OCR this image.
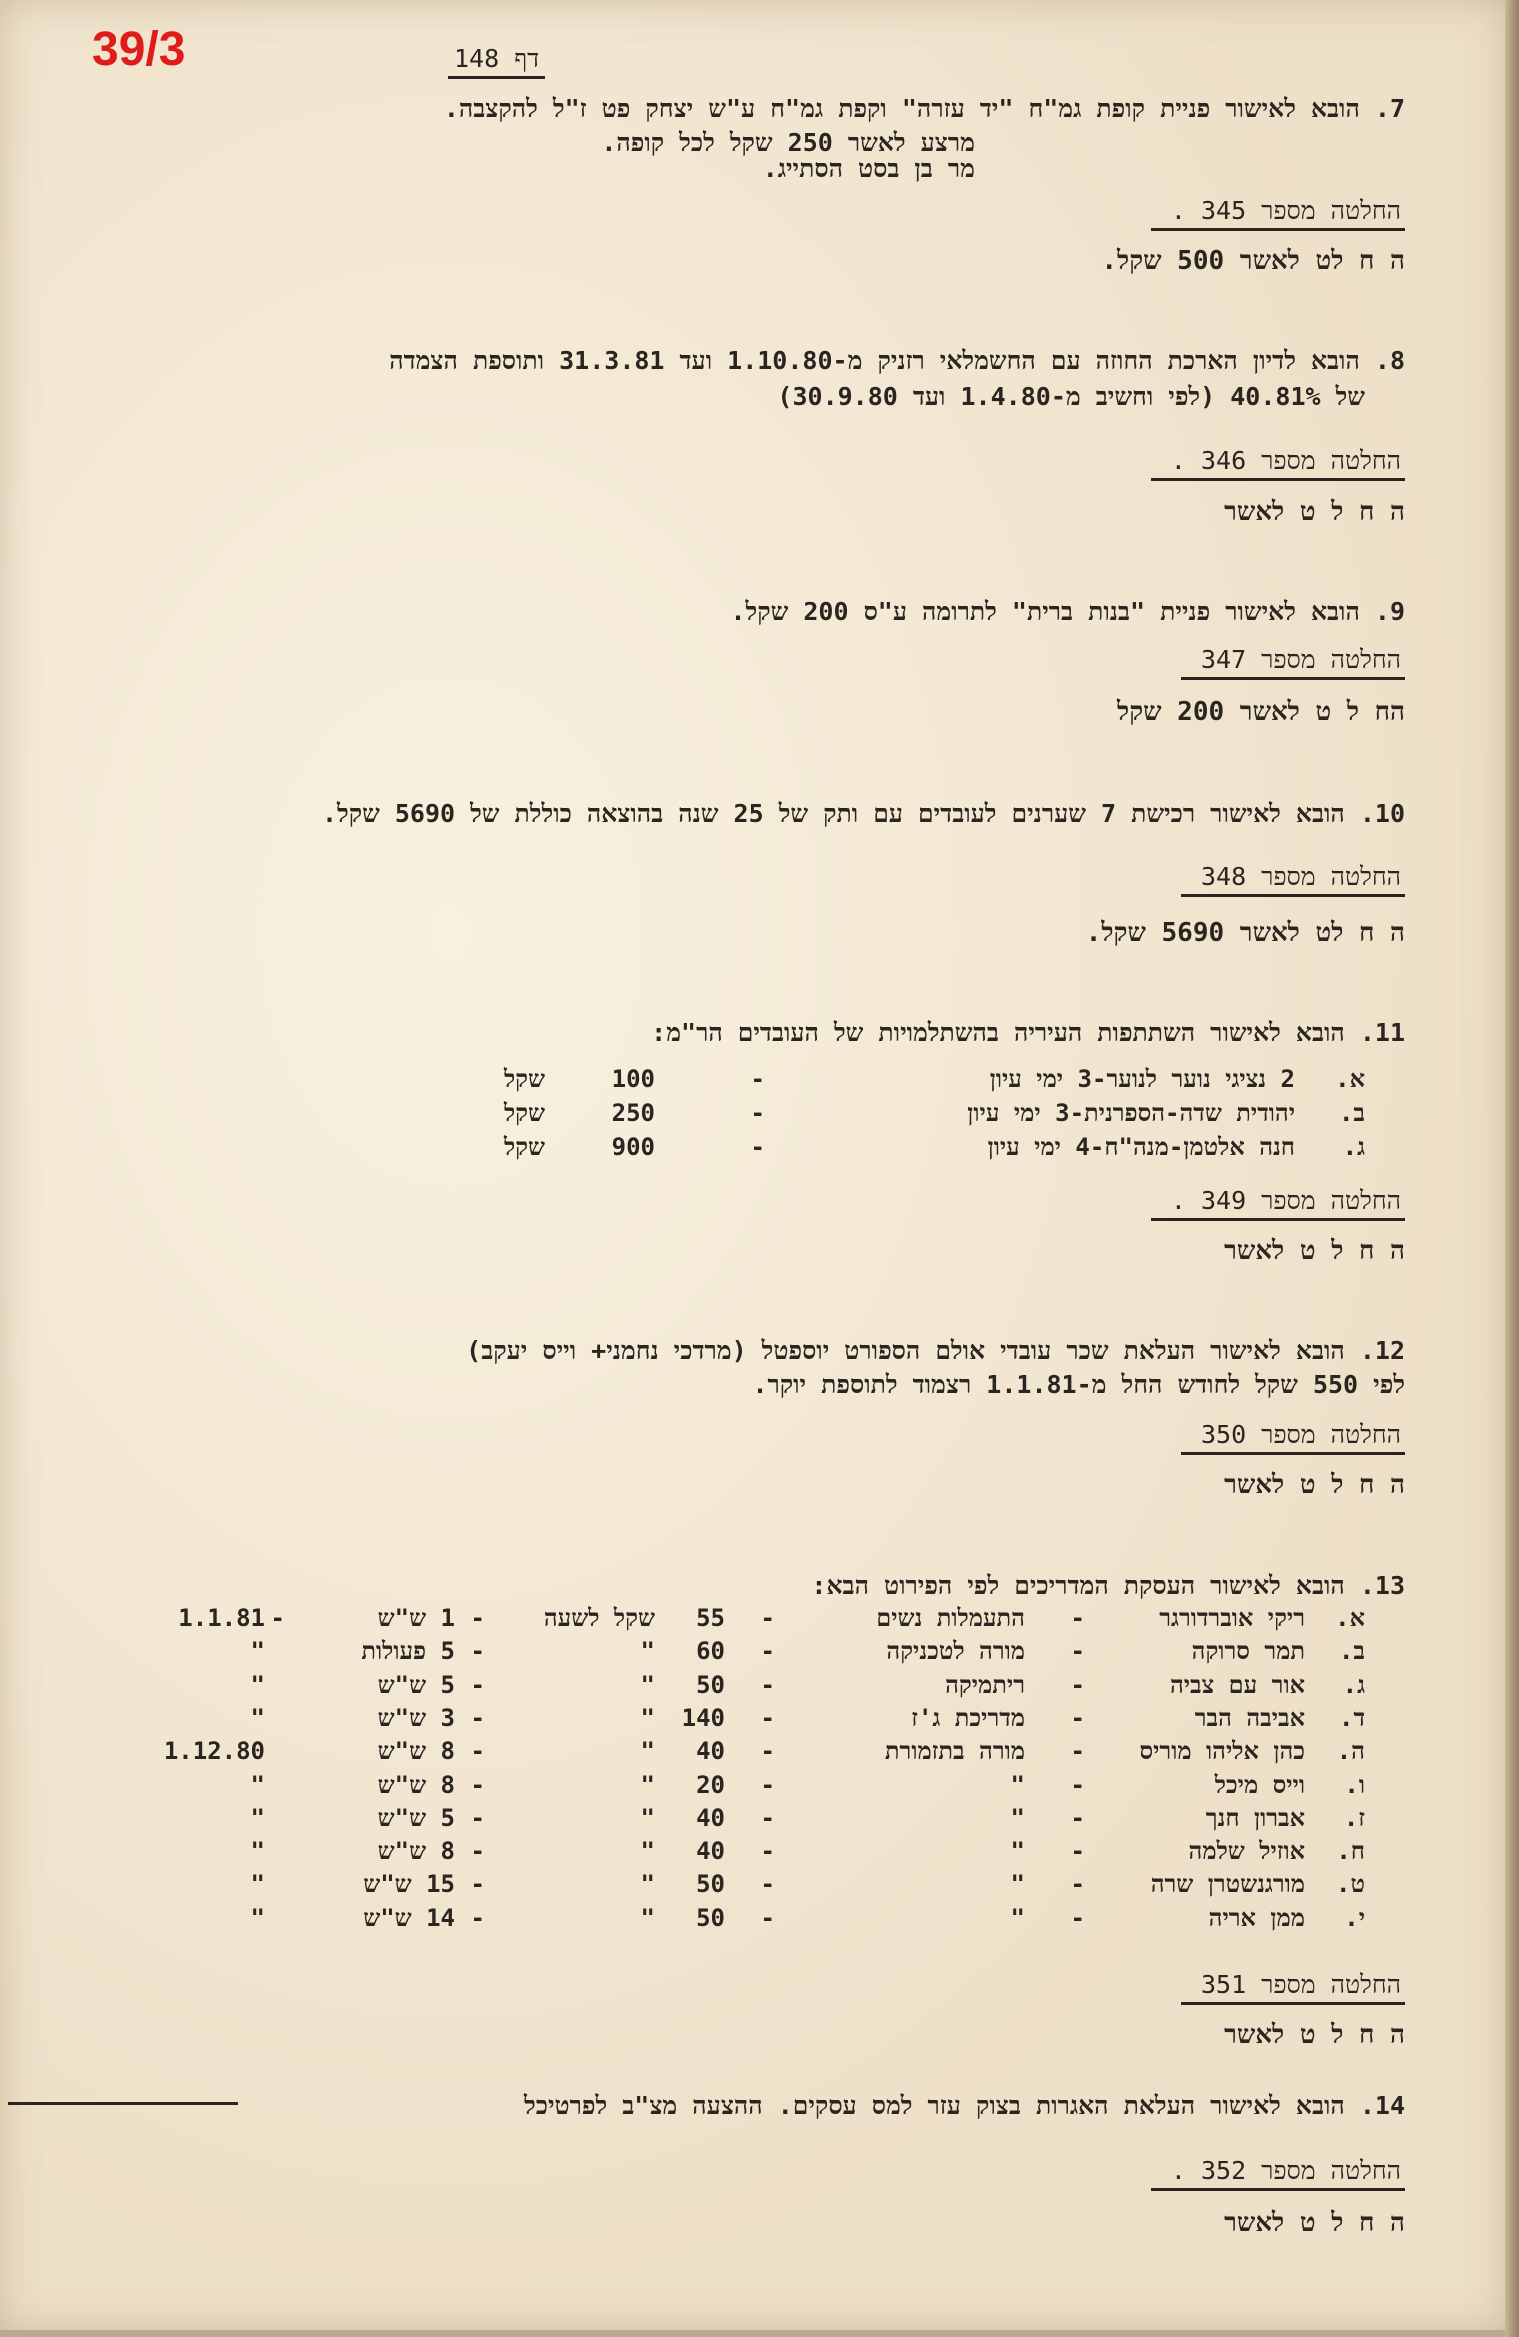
39/3	דף 148
7. הובא לאישור פניית קופת גמ"ח "יד עזרה" וקפת גמ"ח ע"ש יצחק פט ז"ל להקצבה.
מרצע לאשר 250 שקל לכל קופה.
מר בן בסט הסתייג.
החלטה מספר 345 .
ה ח לט לאשר 500 שקל.
8. הובא לדיון הארכת החוזה עם החשמלאי רזניק מ-1.10.80 ועד 31.3.81 ותוספת הצמדה
של 40.81% (לפי וחשיב מ-1.4.80 ועד 30.9.80)
החלטה מספר 346 .
ה ח ל ט לאשר
9. הובא לאישור פניית "בנות ברית" לתרומה ע"ס 200 שקל.
החלטה מספר 347
הח ל ט לאשר 200 שקל
10. הובא לאישור רכישת 7 שערנים לעובדים עם ותק של 25 שנה בהוצאה כוללת של 5690 שקל.
החלטה מספר 348
ה ח לט לאשר 5690 שקל.
11. הובא לאישור השתתפות העיריה בהשתלמויות של העובדים הר"מ:
א.
2 נציגי נוער לנוער-3 ימי עיון
-
100
שקל
ב.
יהודית שדה-הספרנית-3 ימי עיון
-
250
שקל
ג.
חנה אלטמן-מנה"ח-4 ימי עיון
-
900
שקל
החלטה מספר 349 .
ה ח ל ט לאשר
12. הובא לאישור העלאת שכר עובדי אולם הספורט יוספטל (מרדכי נחמני+ וייס יעקב)
לפי 550 שקל לחודש החל מ-1.1.81 רצמוד לתוספת יוקר.
החלטה מספר 350
ה ח ל ט לאשר
13. הובא לאישור העסקת המדריכים לפי הפירוט הבא:
א.
ריקי אוברדורגר
-
התעמלות נשים
-
55
שקל לשעה
-
1 ש"ש
-
1.1.81
ב.
תמר סרוקה
-
מורה לטכניקה
-
60
"
-
5 פעולות
"
ג.
אור עם צביה
-
ריתמיקה
-
50
"
-
5 ש"ש
"
ד.
אביבה הבר
-
מדריכת ג'ז
-
140
"
-
3 ש"ש
"
ה.
כהן אליהו מוריס
-
מורה בתזמורת
-
40
"
-
8 ש"ש
1.12.80
ו.
וייס מיכל
-
"
-
20
"
-
8 ש"ש
"
ז.
אברון חנך
-
"
-
40
"
-
5 ש"ש
"
ח.
אוזיל שלמה
-
"
-
40
"
-
8 ש"ש
"
ט.
מורגנשטרן שרה
-
"
-
50
"
-
15 ש"ש
"
י.
ממן אריה
-
"
-
50
"
-
14 ש"ש
"
החלטה מספר 351
ה ח ל ט לאשר
14. הובא לאישור העלאת האגרות בצוק עזר למס עסקים. ההצעה מצ"ב לפרטיכל
החלטה מספר 352 .
ה ח ל ט לאשר
